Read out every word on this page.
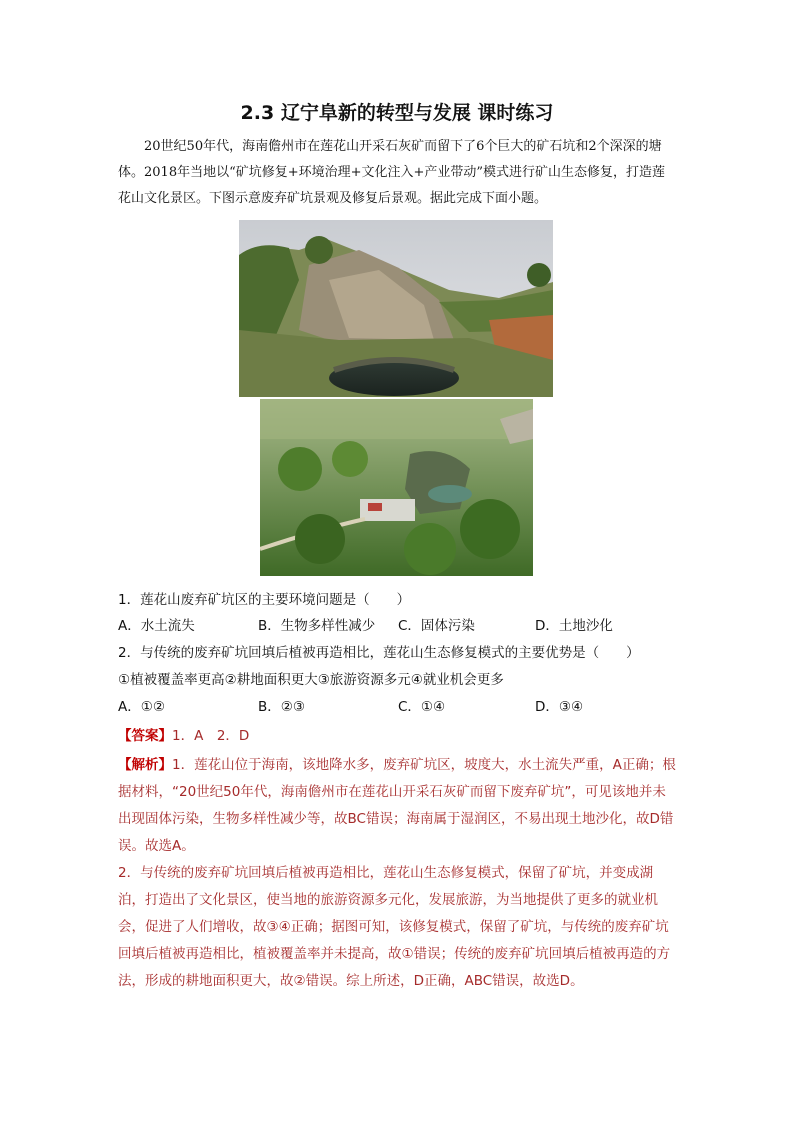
2.3 辽宁阜新的转型与发展 课时练习
20世纪50年代，海南儋州市在莲花山开采石灰矿而留下了6个巨大的矿石坑和2个深深的塘体。2018年当地以“矿坑修复+环境治理+文化注入+产业带动”模式进行矿山生态修复，打造莲花山文化景区。下图示意废弃矿坑景观及修复后景观。据此完成下面小题。
1．莲花山废弃矿坑区的主要环境问题是（　　）
A．水土流失	B．生物多样性减少 C．固体污染	D．土地沙化
2．与传统的废弃矿坑回填后植被再造相比，莲花山生态修复模式的主要优势是（　　）
①植被覆盖率更高②耕地面积更大③旅游资源多元④就业机会更多
A．①②	B．②③	C．①④	D．③④
【答案】1．A　2．D

【解析】1．莲花山位于海南，该地降水多，废弃矿坑区，坡度大，水土流失严重，A正确；根据材料，“20世纪50年代，海南儋州市在莲花山开采石灰矿而留下废弃矿坑”，可见该地并未出现固体污染，生物多样性减少等，故BC错误；海南属于湿润区，不易出现土地沙化，故D错误。故选A。

2．与传统的废弃矿坑回填后植被再造相比，莲花山生态修复模式，保留了矿坑，并变成湖泊，打造出了文化景区，使当地的旅游资源多元化，发展旅游，为当地提供了更多的就业机会，促进了人们增收，故③④正确；据图可知，该修复模式，保留了矿坑，与传统的废弃矿坑回填后植被再造相比，植被覆盖率并未提高，故①错误；传统的废弃矿坑回填后植被再造的方法，形成的耕地面积更大，故②错误。综上所述，D正确，ABC错误，故选D。
